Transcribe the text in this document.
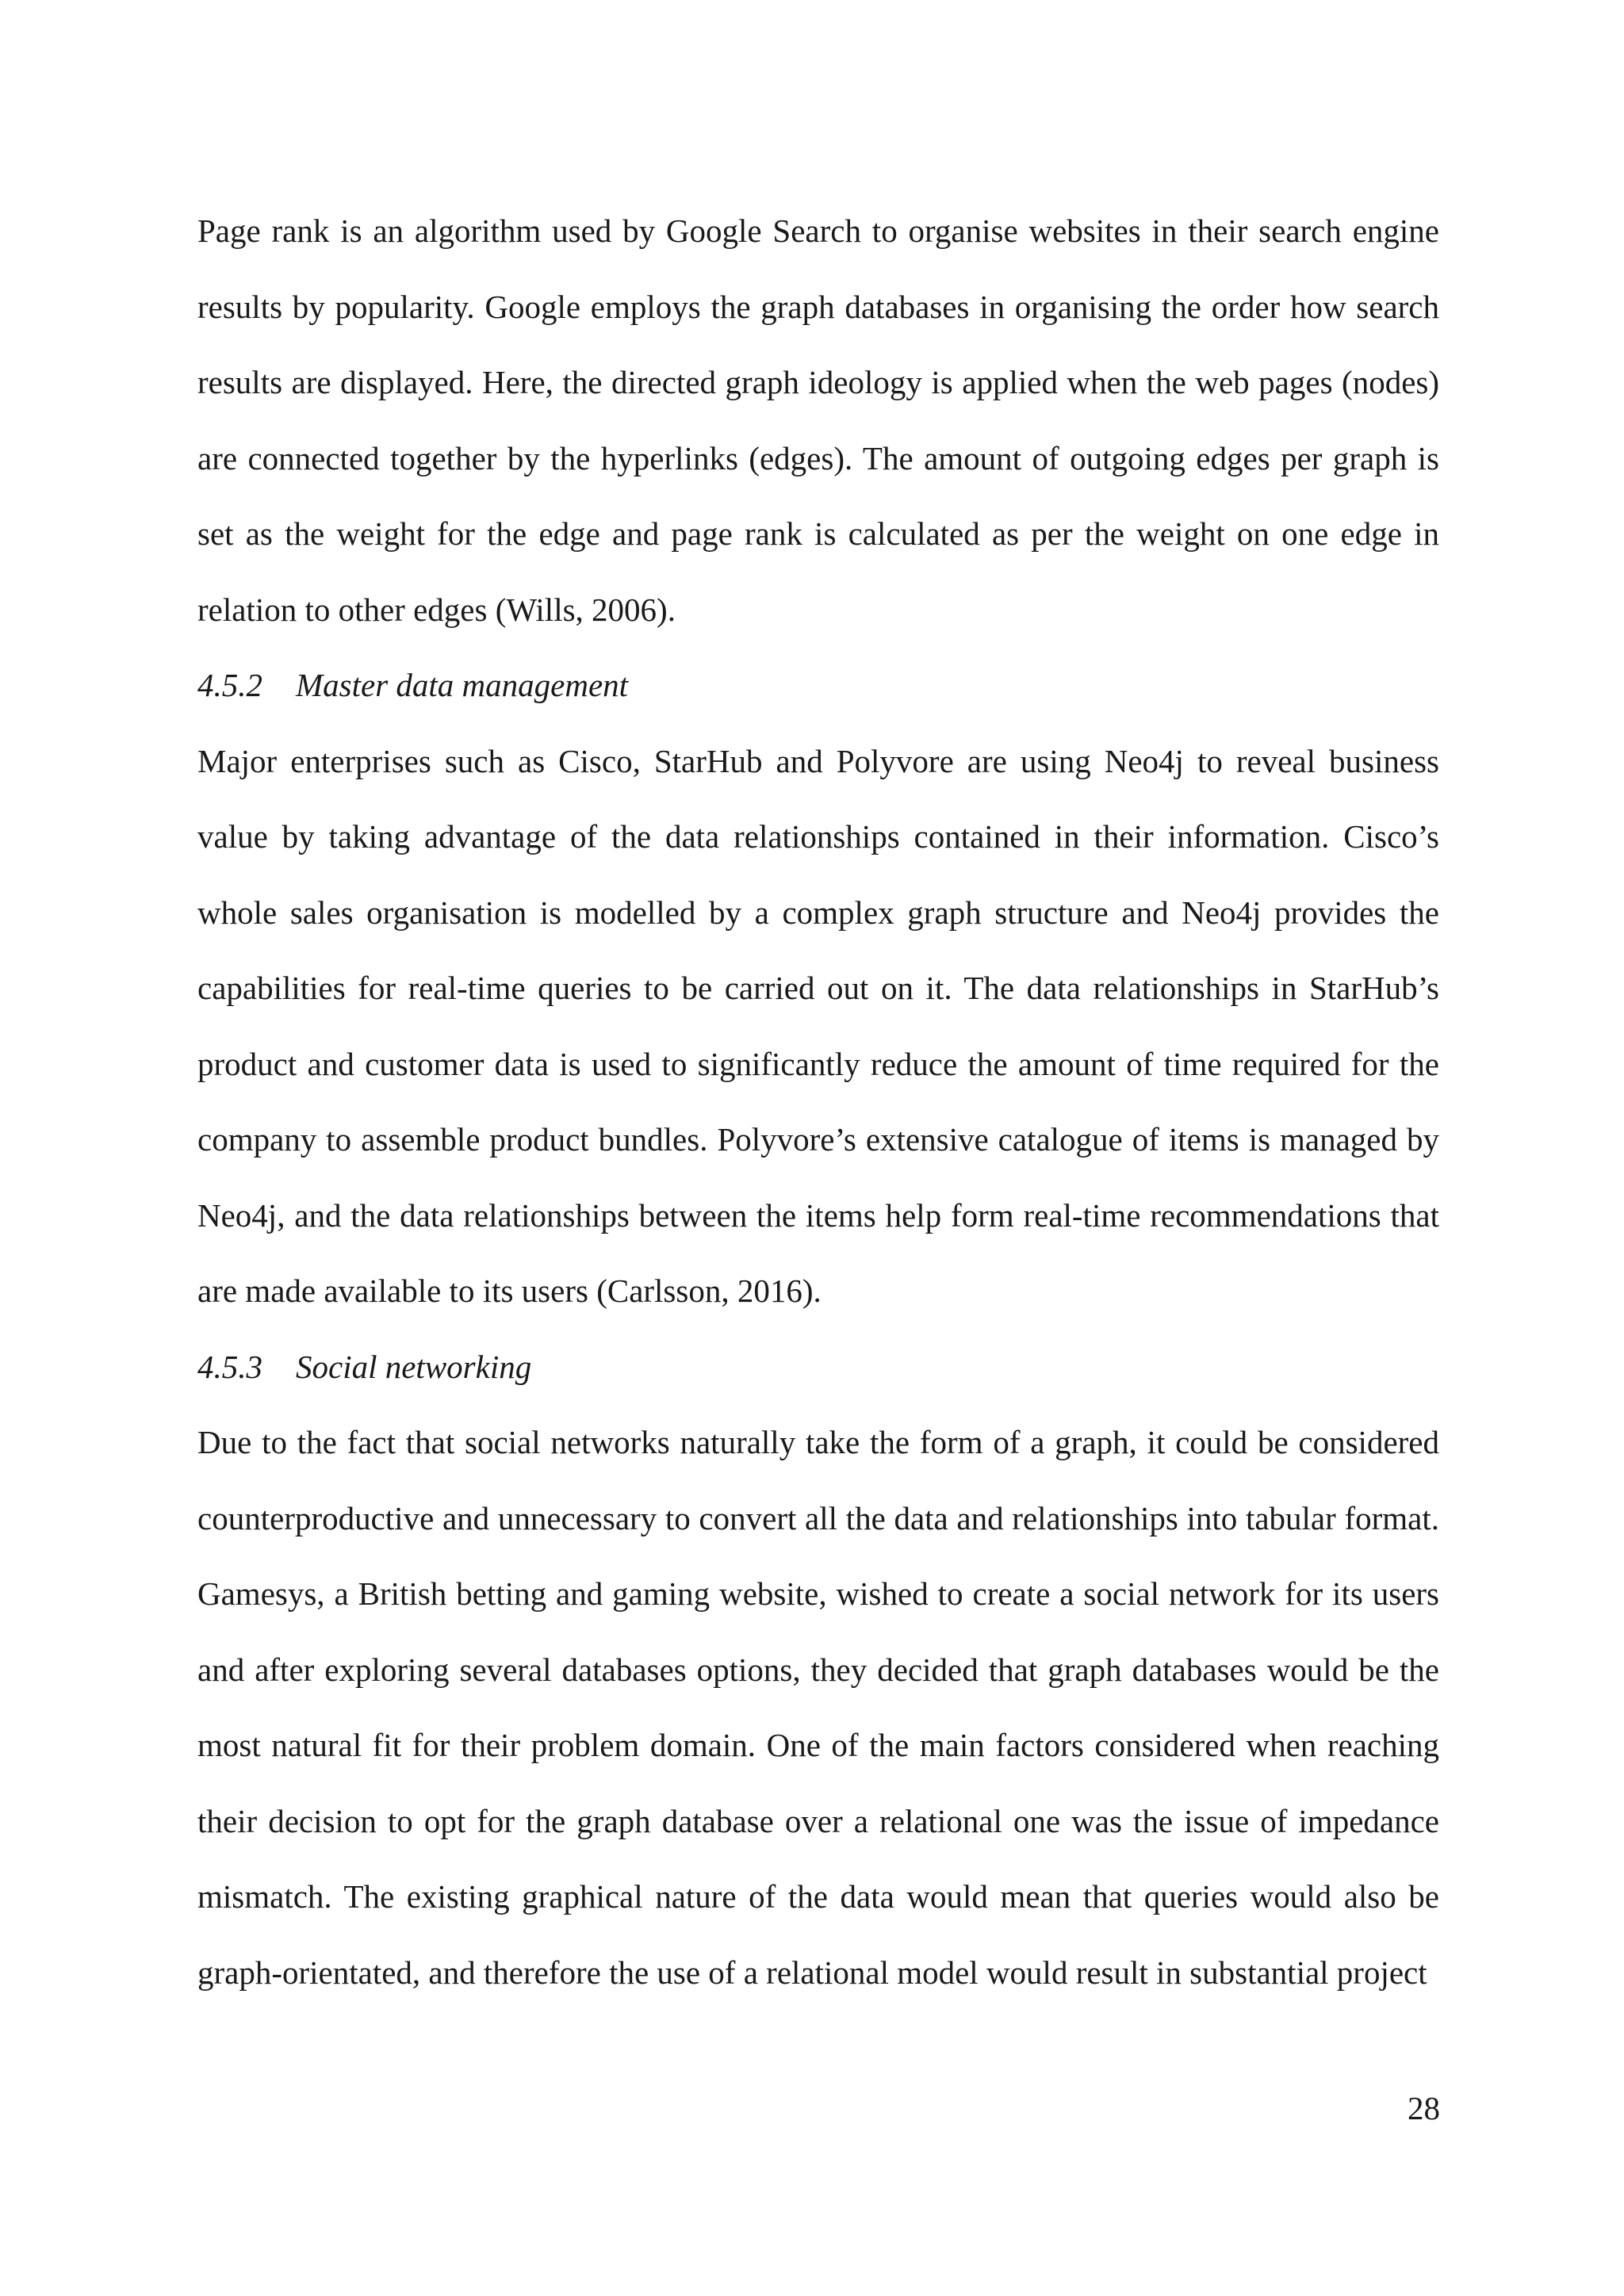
Page rank is an algorithm used by Google Search to organise websites in their search engine results by popularity. Google employs the graph databases in organising the order how search results are displayed. Here, the directed graph ideology is applied when the web pages (nodes) are connected together by the hyperlinks (edges). The amount of outgoing edges per graph is set as the weight for the edge and page rank is calculated as per the weight on one edge in relation to other edges (Wills, 2006).

4.5.2 Master data management

Major enterprises such as Cisco, StarHub and Polyvore are using Neo4j to reveal business value by taking advantage of the data relationships contained in their information. Cisco’s whole sales organisation is modelled by a complex graph structure and Neo4j provides the capabilities for real-time queries to be carried out on it. The data relationships in StarHub’s product and customer data is used to significantly reduce the amount of time required for the company to assemble product bundles. Polyvore’s extensive catalogue of items is managed by Neo4j, and the data relationships between the items help form real-time recommendations that are made available to its users (Carlsson, 2016).

4.5.3 Social networking

Due to the fact that social networks naturally take the form of a graph, it could be considered counterproductive and unnecessary to convert all the data and relationships into tabular format. Gamesys, a British betting and gaming website, wished to create a social network for its users and after exploring several databases options, they decided that graph databases would be the most natural fit for their problem domain. One of the main factors considered when reaching their decision to opt for the graph database over a relational one was the issue of impedance mismatch. The existing graphical nature of the data would mean that queries would also be graph-orientated, and therefore the use of a relational model would result in substantial project

28
